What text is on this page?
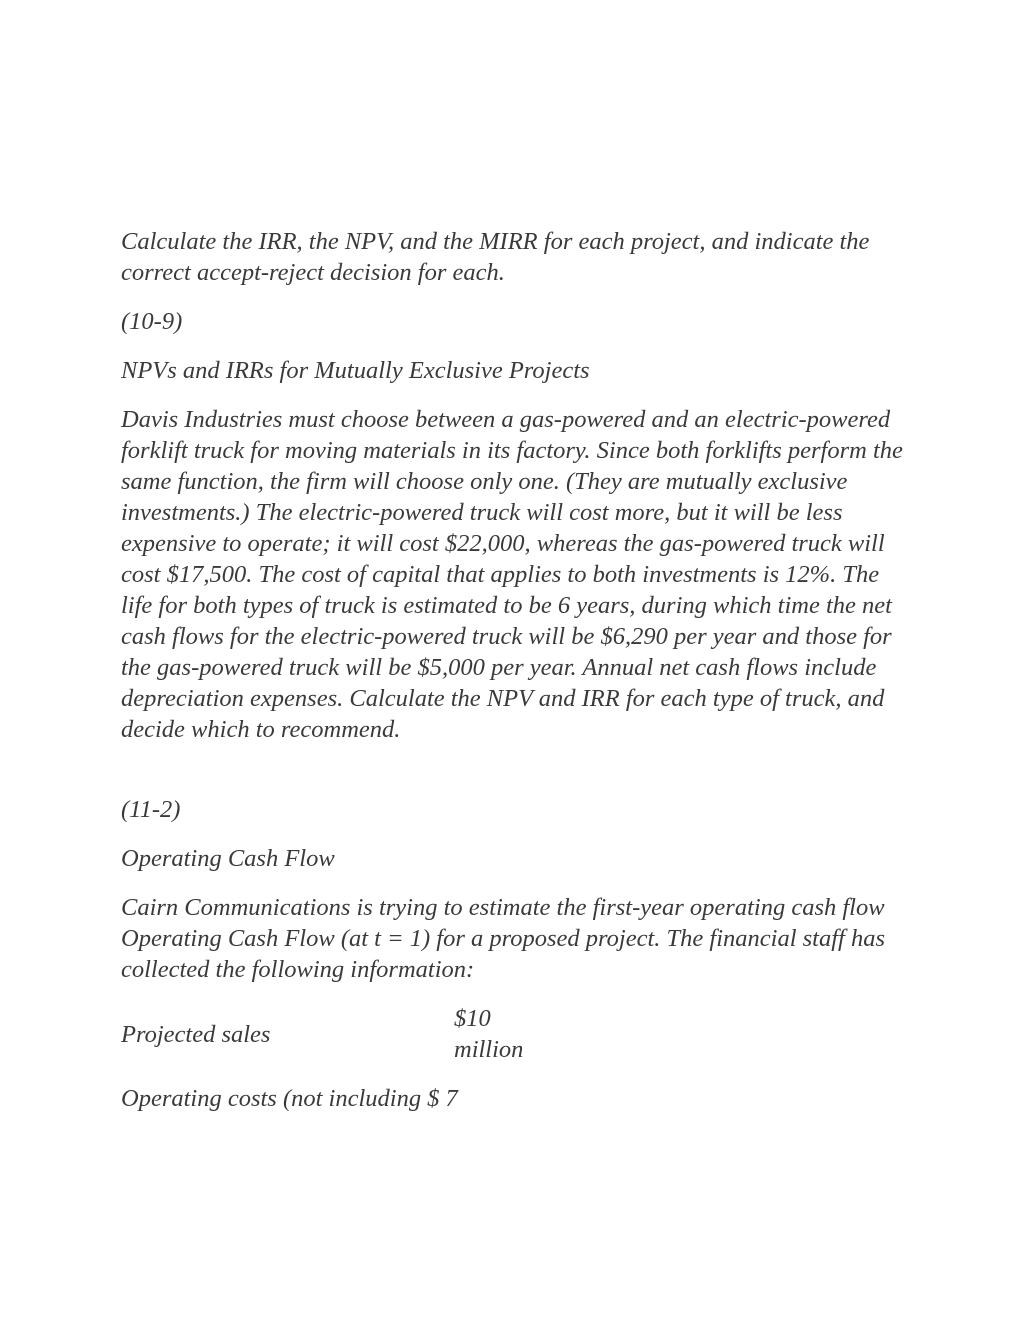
Calculate the IRR, the NPV, and the MIRR for each project, and indicate the correct accept-reject decision for each.

(10-9)

NPVs and IRRs for Mutually Exclusive Projects

Davis Industries must choose between a gas-powered and an electric-powered forklift truck for moving materials in its factory. Since both forklifts perform the same function, the firm will choose only one. (They are mutually exclusive investments.) The electric-powered truck will cost more, but it will be less expensive to operate; it will cost $22,000, whereas the gas-powered truck will cost $17,500. The cost of capital that applies to both investments is 12%. The life for both types of truck is estimated to be 6 years, during which time the net cash flows for the electric-powered truck will be $6,290 per year and those for the gas-powered truck will be $5,000 per year. Annual net cash flows include depreciation expenses. Calculate the NPV and IRR for each type of truck, and decide which to recommend.

(11-2)

Operating Cash Flow

Cairn Communications is trying to estimate the first-year operating cash flow Operating Cash Flow (at t = 1) for a proposed project. The financial staff has collected the following information:

Projected sales
$10 million
Operating costs (not including $ 7
